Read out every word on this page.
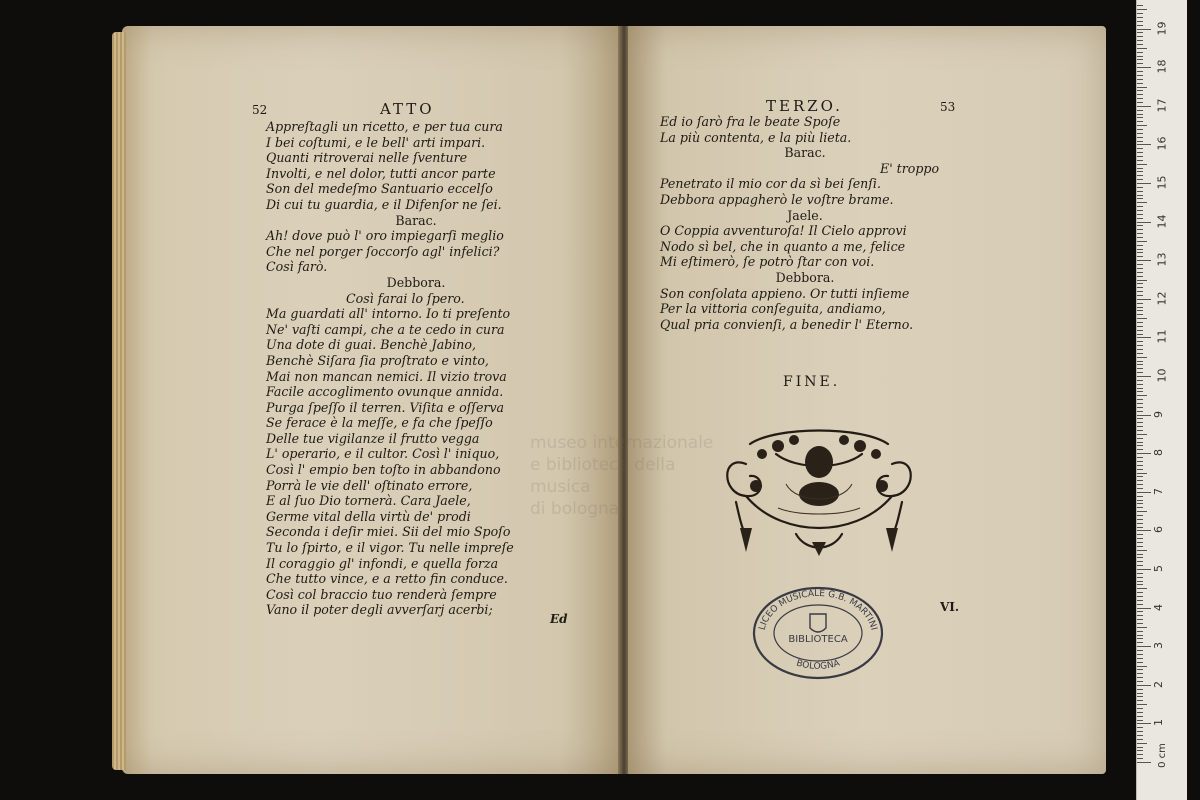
52	ATTO
Appreſtagli un ricetto, e per tua cura
I bei coſtumi, e le bell' arti impari.
Quanti ritroverai nelle ſventure
Involti, e nel dolor, tutti ancor parte
Son del medeſmo Santuario eccelſo
Di cui tu guardia, e il Difenſor ne ſei.
Barac.
Ah! dove può l' oro impiegarſi meglio
Che nel porger ſoccorſo agl' infelici?
Così farò.
Debbora.
Così farai lo ſpero.
Ma guardati all' intorno. Io ti preſento
Ne' vaſti campi, che a te cedo in cura
Una dote di guai. Benchè Jabino,
Benchè Siſara ſia proſtrato e vinto,
Mai non mancan nemici. Il vizio trova
Facile accoglimento ovunque annida.
Purga ſpeſſo il terren. Viſita e oſſerva
Se ferace è la meſſe, e fa che ſpeſſo
Delle tue vigilanze il frutto vegga
L' operario, e il cultor. Così l' iniquo,
Così l' empio ben toſto in abbandono
Porrà le vie dell' oſtinato errore,
E al ſuo Dio tornerà. Cara Jaele,
Germe vital della virtù de' prodi
Seconda i deſir miei. Sii del mio Spoſo
Tu lo ſpirto, e il vigor. Tu nelle impreſe
Il coraggio gl' infondi, e quella forza
Che tutto vince, e a retto fin conduce.
Così col braccio tuo renderà ſempre
Vano il poter degli avverſarj acerbi;
Ed
TERZO.	53
Ed io ſarò fra le beate Spoſe
La più contenta, e la più lieta.
Barac.
E' troppo
Penetrato il mio cor da sì bei ſenſi.
Debbora appagherò le voſtre brame.
Jaele.
O Coppia avventuroſa! Il Cielo approvi
Nodo sì bel, che in quanto a me, felice
Mi eſtimerò, ſe potrò ſtar con voi.
Debbora.
Son conſolata appieno. Or tutti inſieme
Per la vittoria conſeguita, andiamo,
Qual pria convienſi, a benedir l' Eterno.
FINE.
VI.
museo internazionale
e biblioteca della musica
di bologna
LICEO MUSICALE G.B. MARTINI
BIBLIOTECA
BOLOGNA
1
2
3
4
5
6
7
8
9
10
11
12
13
14
15
16
17
18
19
0 cm
